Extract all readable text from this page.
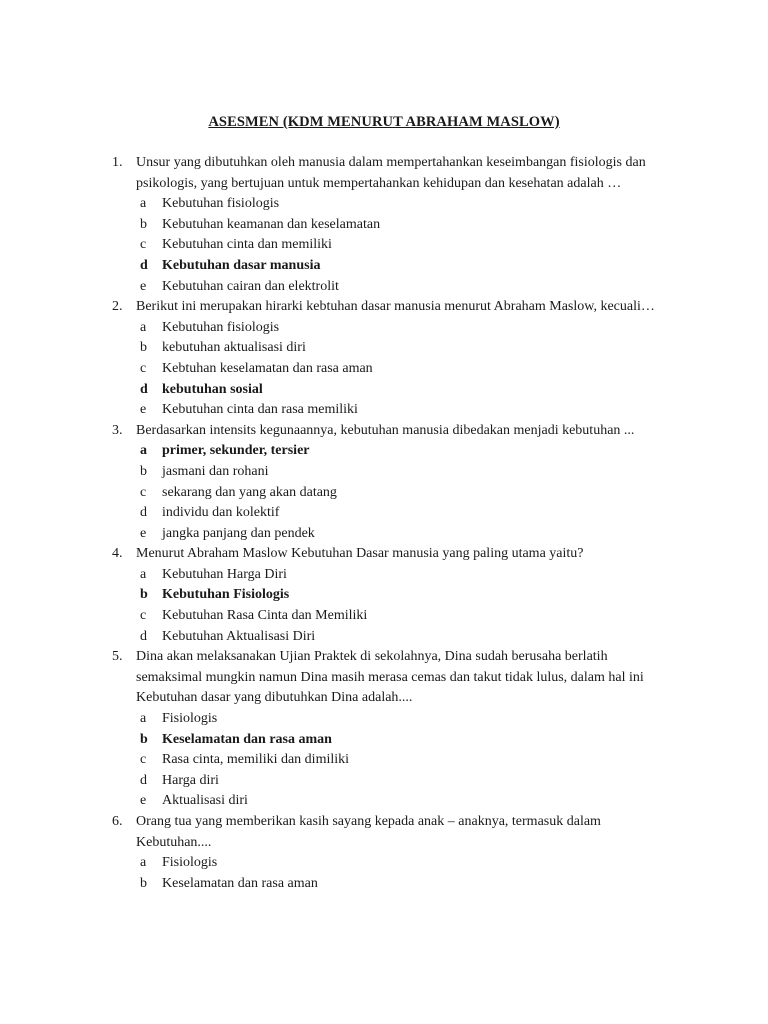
ASESMEN (KDM MENURUT ABRAHAM MASLOW)
1. Unsur yang dibutuhkan oleh manusia dalam mempertahankan keseimbangan fisiologis dan psikologis, yang bertujuan untuk mempertahankan kehidupan dan kesehatan adalah …
a Kebutuhan fisiologis
b Kebutuhan keamanan dan keselamatan
c Kebutuhan cinta dan memiliki
d Kebutuhan dasar manusia
e Kebutuhan cairan dan elektrolit
2. Berikut ini merupakan hirarki kebtuhan dasar manusia menurut Abraham Maslow, kecuali…
a Kebutuhan fisiologis
b kebutuhan aktualisasi diri
c Kebtuhan keselamatan dan rasa aman
d kebutuhan sosial
e Kebutuhan cinta dan rasa memiliki
3. Berdasarkan intensits kegunaannya, kebutuhan manusia dibedakan menjadi kebutuhan ...
a primer, sekunder, tersier
b jasmani dan rohani
c sekarang dan yang akan datang
d individu dan kolektif
e jangka panjang dan pendek
4. Menurut Abraham Maslow Kebutuhan Dasar manusia yang paling utama yaitu?
a Kebutuhan Harga Diri
b Kebutuhan Fisiologis
c Kebutuhan Rasa Cinta dan Memiliki
d Kebutuhan Aktualisasi Diri
5. Dina akan melaksanakan Ujian Praktek di sekolahnya, Dina sudah berusaha berlatih semaksimal mungkin namun Dina masih merasa cemas dan takut tidak lulus, dalam hal ini Kebutuhan dasar yang dibutuhkan Dina adalah....
a Fisiologis
b Keselamatan dan rasa aman
c Rasa cinta, memiliki dan dimiliki
d Harga diri
e Aktualisasi diri
6. Orang tua yang memberikan kasih sayang kepada anak – anaknya, termasuk dalam Kebutuhan....
a Fisiologis
b Keselamatan dan rasa aman
